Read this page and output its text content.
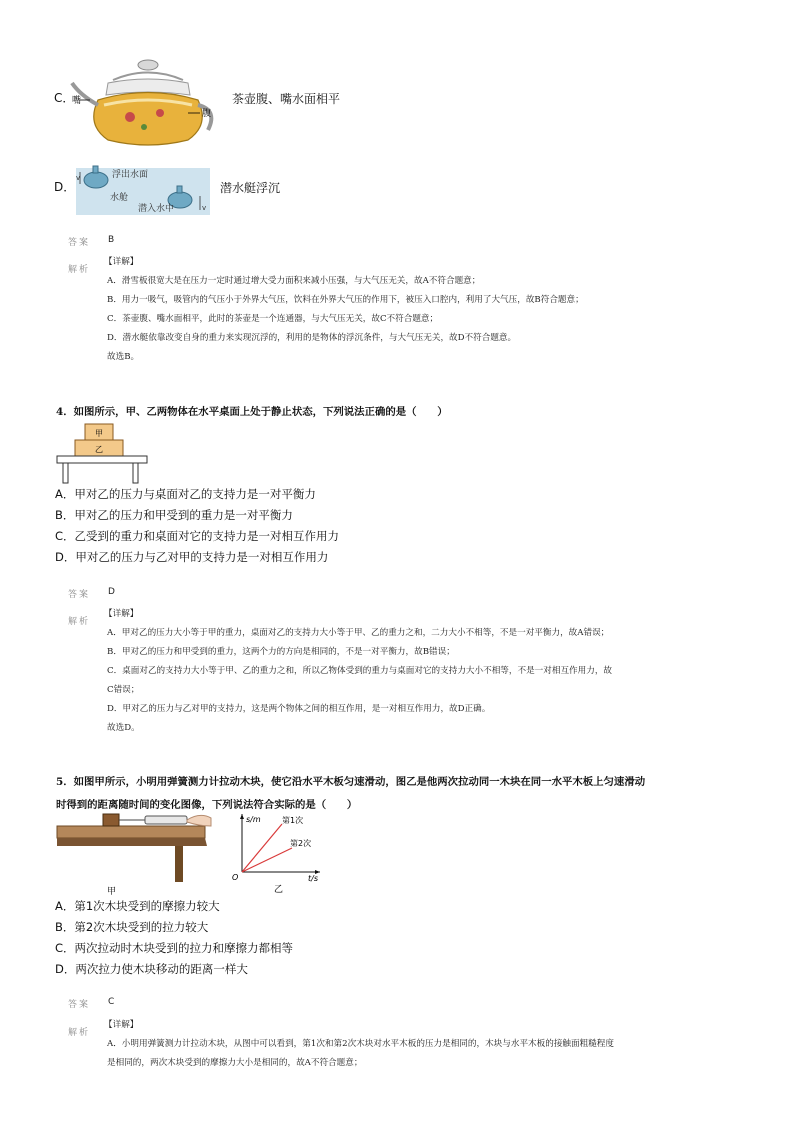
C．
嘴
腹
茶壶腹、嘴水面相平
D．
v
v
浮出水面
水舱
潜入水中
潜水艇浮沉
答案 B
解析
【详解】
A．滑雪板很宽大是在压力一定时通过增大受力面积来减小压强，与大气压无关，故A不符合题意；
B．用力一吸气，吸管内的气压小于外界大气压，饮料在外界大气压的作用下，被压入口腔内，利用了大气压，故B符合题意；
C．茶壶腹、嘴水面相平，此时的茶壶是一个连通器，与大气压无关，故C不符合题意；
D．潜水艇依靠改变自身的重力来实现沉浮的，利用的是物体的浮沉条件，与大气压无关，故D不符合题意。
故选B。
4．如图所示，甲、乙两物体在水平桌面上处于静止状态，下列说法正确的是（　　）
甲
乙
A．甲对乙的压力与桌面对乙的支持力是一对平衡力
B．甲对乙的压力和甲受到的重力是一对平衡力
C．乙受到的重力和桌面对它的支持力是一对相互作用力
D．甲对乙的压力与乙对甲的支持力是一对相互作用力
答案 D
解析
【详解】
A．甲对乙的压力大小等于甲的重力，桌面对乙的支持力大小等于甲、乙的重力之和，二力大小不相等，不是一对平衡力，故A错误；
B．甲对乙的压力和甲受到的重力，这两个力的方向是相同的，不是一对平衡力，故B错误；
C．桌面对乙的支持力大小等于甲、乙的重力之和，所以乙物体受到的重力与桌面对它的支持力大小不相等，不是一对相互作用力，故
C错误；
D．甲对乙的压力与乙对甲的支持力，这是两个物体之间的相互作用，是一对相互作用力，故D正确。
故选D。
5．如图甲所示，小明用弹簧测力计拉动木块，使它沿水平木板匀速滑动，图乙是他两次拉动同一木块在同一水平木板上匀速滑动
时得到的距离随时间的变化图像，下列说法符合实际的是（　　）
甲
s/m
t/s
O
第1次
第2次
乙
A．第1次木块受到的摩擦力较大
B．第2次木块受到的拉力较大
C．两次拉动时木块受到的拉力和摩擦力都相等
D．两次拉力使木块移动的距离一样大
答案 C
解析
【详解】
A．小明用弹簧测力计拉动木块，从图中可以看到，第1次和第2次木块对水平木板的压力是相同的，木块与水平木板的接触面粗糙程度
是相同的，两次木块受到的摩擦力大小是相同的，故A不符合题意；
